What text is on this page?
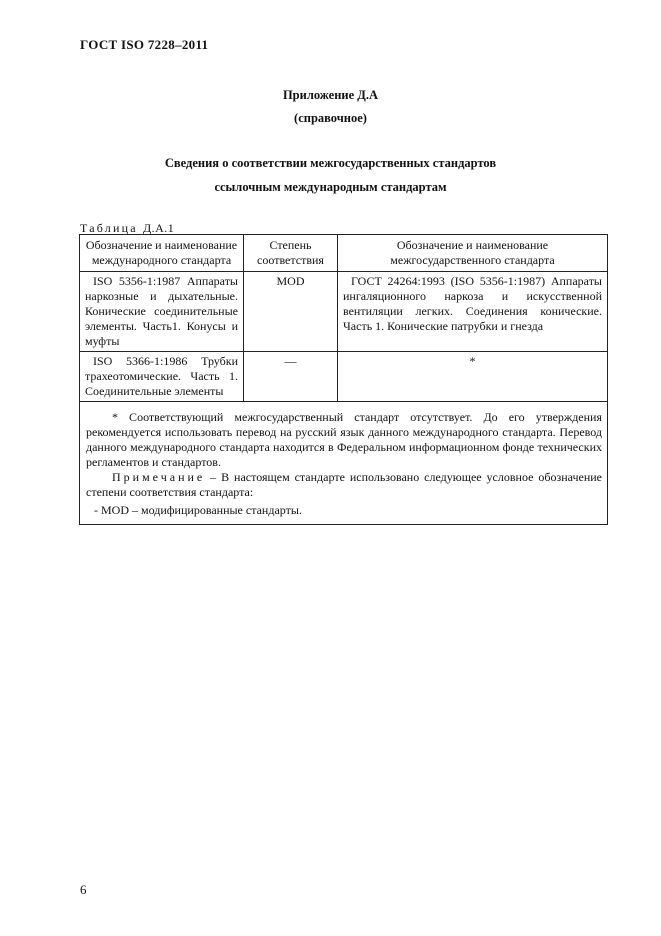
ГОСТ ISO 7228–2011
Приложение Д.А
(справочное)
Сведения о соответствии межгосударственных стандартов
ссылочным международным стандартам
Таблица Д.А.1
Обозначение и наименование международного стандарта	Степень соответствия	Обозначение и наименование межгосударственного стандарта
ISO 5356-1:1987 Аппараты наркозные и дыхательные. Конические соединительные элементы. Часть1. Конусы и муфты	MOD	ГОСТ 24264:1993 (ISO 5356-1:1987) Аппараты ингаляционного наркоза и искусственной вентиляции легких. Соединения конические. Часть 1. Конические патрубки и гнезда
ISO 5366-1:1986 Трубки трахеотомические. Часть 1. Соединительные элементы	—	*

* Соответствующий межгосударственный стандарт отсутствует. До его утверждения рекомендуется использовать перевод на русский язык данного международного стандарта. Перевод данного международного стандарта находится в Федеральном информационном фонде технических регламентов и стандартов.

Примечание – В настоящем стандарте использовано следующее условное обозначение степени соответствия стандарта:

- MOD – модифицированные стандарты.		

6
